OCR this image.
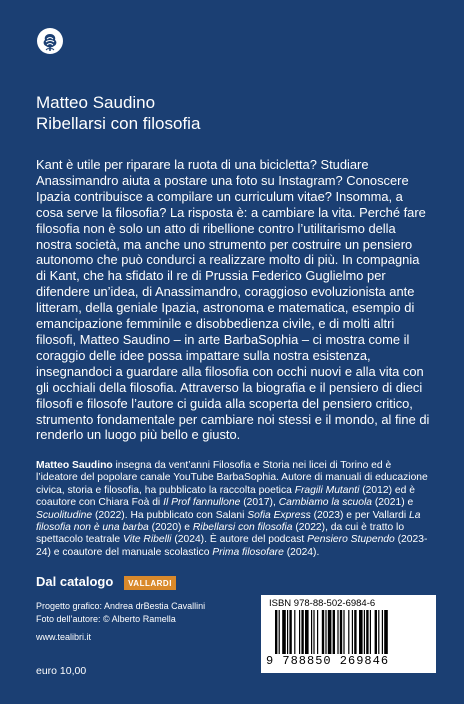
Matteo Saudino
Ribellarsi con filosofia

Kant è utile per riparare la ruota di una bicicletta? Studiare Anassimandro aiuta a postare una foto su Instagram? Conoscere Ipazia contribuisce a compilare un curriculum vitae? Insomma, a cosa serve la filosofia? La risposta è: a cambiare la vita. Perché fare filosofia non è solo un atto di ribellione contro l’utilitarismo della nostra società, ma anche uno strumento per costruire un pensiero autonomo che può condurci a realizzare molto di più. In compagnia di Kant, che ha sfidato il re di Prussia Federico Guglielmo per difendere un’idea, di Anassimandro, coraggioso evoluzionista ante litteram, della geniale Ipazia, astronoma e matematica, esempio di emancipazione femminile e disobbedienza civile, e di molti altri filosofi, Matteo Saudino – in arte BarbaSophia – ci mostra come il coraggio delle idee possa impattare sulla nostra esistenza, insegnandoci a guardare alla filosofia con occhi nuovi e alla vita con gli occhiali della filosofia. Attraverso la biografia e il pensiero di dieci filosofi e filosofe l’autore ci guida alla scoperta del pensiero critico, strumento fondamentale per cambiare noi stessi e il mondo, al fine di renderlo un luogo più bello e giusto.

Matteo Saudino insegna da vent’anni Filosofia e Storia nei licei di Torino ed è l’ideatore del popolare canale YouTube BarbaSophia. Autore di manuali di educazione civica, storia e filosofia, ha pubblicato la raccolta poetica Fragili Mutanti (2012) ed è coautore con Chiara Foà di Il Prof fannullone (2017), Cambiamo la scuola (2021) e Scuolitudine (2022). Ha pubblicato con Salani Sofia Express (2023) e per Vallardi La filosofia non è una barba (2020) e Ribellarsi con filosofia (2022), da cui è tratto lo spettacolo teatrale Vite Ribelli (2024). È autore del podcast Pensiero Stupendo (2023-24) e coautore del manuale scolastico Prima filosofare (2024).

Dal catalogo VALLARDI
Progetto grafico: Andrea drBestia Cavallini
Foto dell’autore: © Alberto Ramella
www.tealibri.it
euro 10,00
ISBN 978-88-502-6984-6
9 788850 269846
